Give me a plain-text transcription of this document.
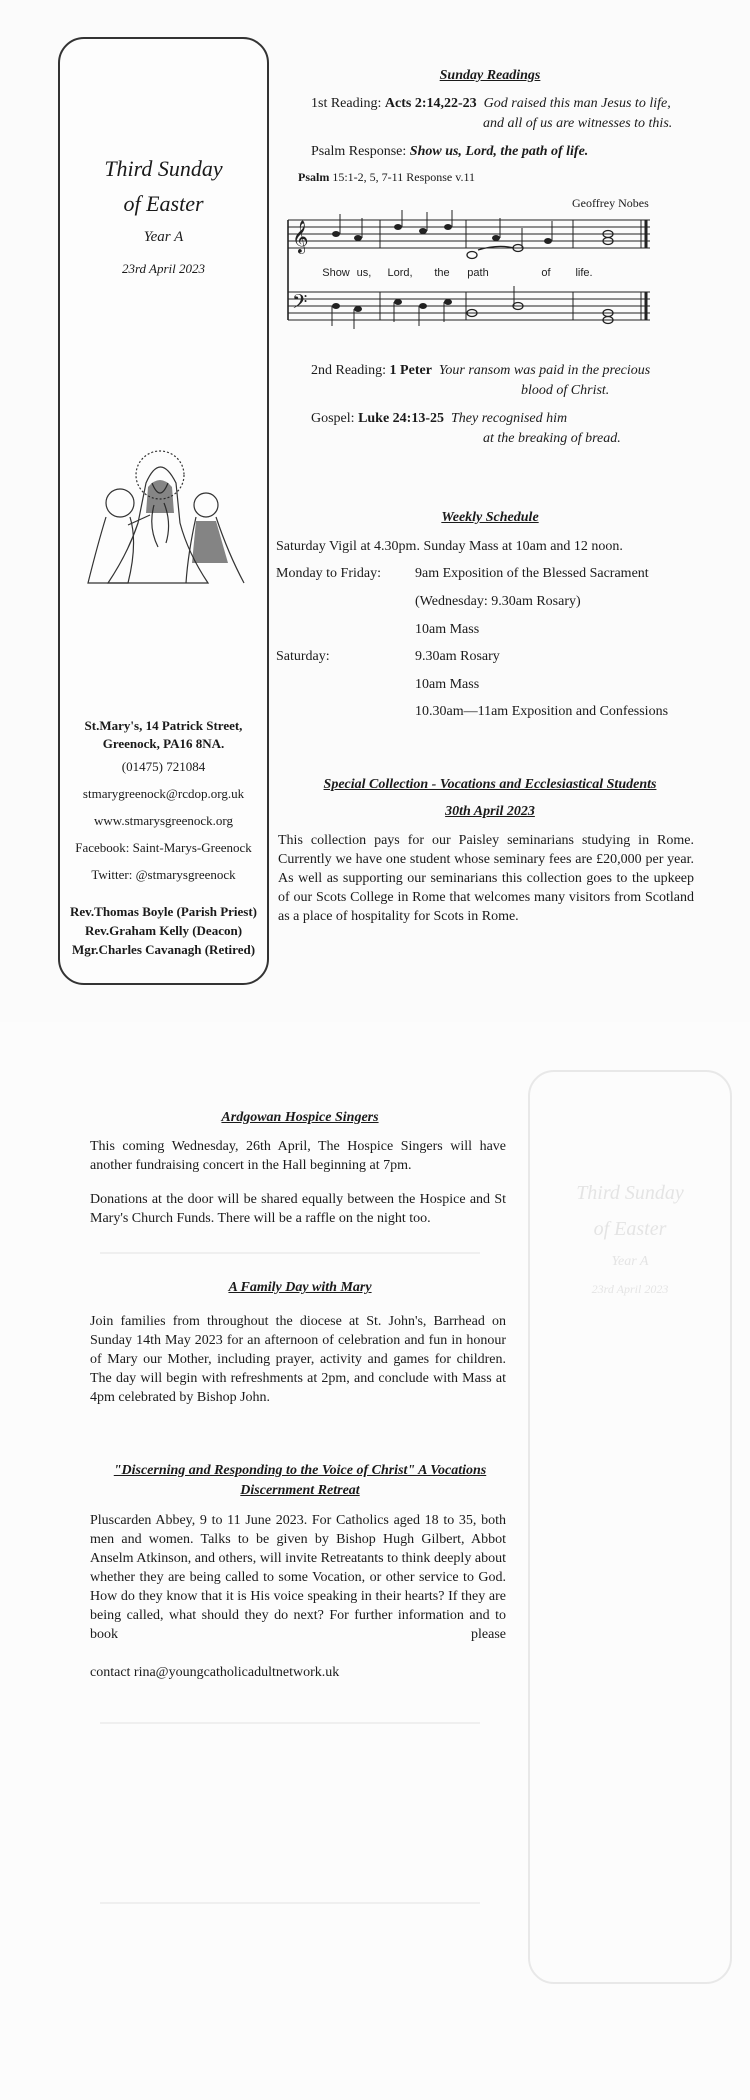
Third Sunday
of Easter
Year A
23rd April 2023
St.Mary's, 14 Patrick Street,
Greenock, PA16 8NA.
(01475) 721084
stmarygreenock@rcdop.org.uk
www.stmarysgreenock.org
Facebook: Saint-Marys-Greenock
Twitter: @stmarysgreenock
Rev.Thomas Boyle (Parish Priest)
Rev.Graham Kelly (Deacon)
Mgr.Charles Cavanagh (Retired)
Sunday Readings
1st Reading: Acts 2:14,22-23 God raised this man Jesus to life,
and all of us are witnesses to this.
Psalm Response: Show us, Lord, the path of life.
Psalm 15:1-2, 5, 7-11 Response v.11
Geoffrey Nobes
𝄞
𝄢
Show us, Lord, the path	of life.
2nd Reading: 1 Peter Your ransom was paid in the precious
blood of Christ.
Gospel: Luke 24:13-25 They recognised him
at the breaking of bread.
Weekly Schedule
Saturday Vigil at 4.30pm. Sunday Mass at 10am and 12 noon.
Monday to Friday: 9am Exposition of the Blessed Sacrament
(Wednesday: 9.30am Rosary)
10am Mass
Saturday:	9.30am Rosary
10am Mass
10.30am—11am Exposition and Confessions
Special Collection - Vocations and Ecclesiastical Students
30th April 2023
This collection pays for our Paisley seminarians studying in Rome. Currently we have one student whose seminary fees are £20,000 per year. As well as supporting our seminarians this collection goes to the upkeep of our Scots College in Rome that welcomes many visitors from Scotland as a place of hospitality for Scots in Rome.
Third Sunday
of Easter
Year A
23rd April 2023
Ardgowan Hospice Singers
This coming Wednesday, 26th April, The Hospice Singers will have another fundraising concert in the Hall beginning at 7pm.
Donations at the door will be shared equally between the Hospice and St Mary's Church Funds. There will be a raffle on the night too.
A Family Day with Mary
Join families from throughout the diocese at St. John's, Barrhead on Sunday 14th May 2023 for an afternoon of celebration and fun in honour of Mary our Mother, including prayer, activity and games for children. The day will begin with refreshments at 2pm, and conclude with Mass at 4pm celebrated by Bishop John.
"Discerning and Responding to the Voice of Christ" A Vocations
Discernment Retreat
Pluscarden Abbey, 9 to 11 June 2023. For Catholics aged 18 to 35, both men and women. Talks to be given by Bishop Hugh Gilbert, Abbot Anselm Atkinson, and others, will invite Retreatants to think deeply about whether they are being called to some Vocation, or other service to God. How do they know that it is His voice speaking in their hearts? If they are being called, what should they do next? For further information and to book please
contact rina@youngcatholicadultnetwork.uk
